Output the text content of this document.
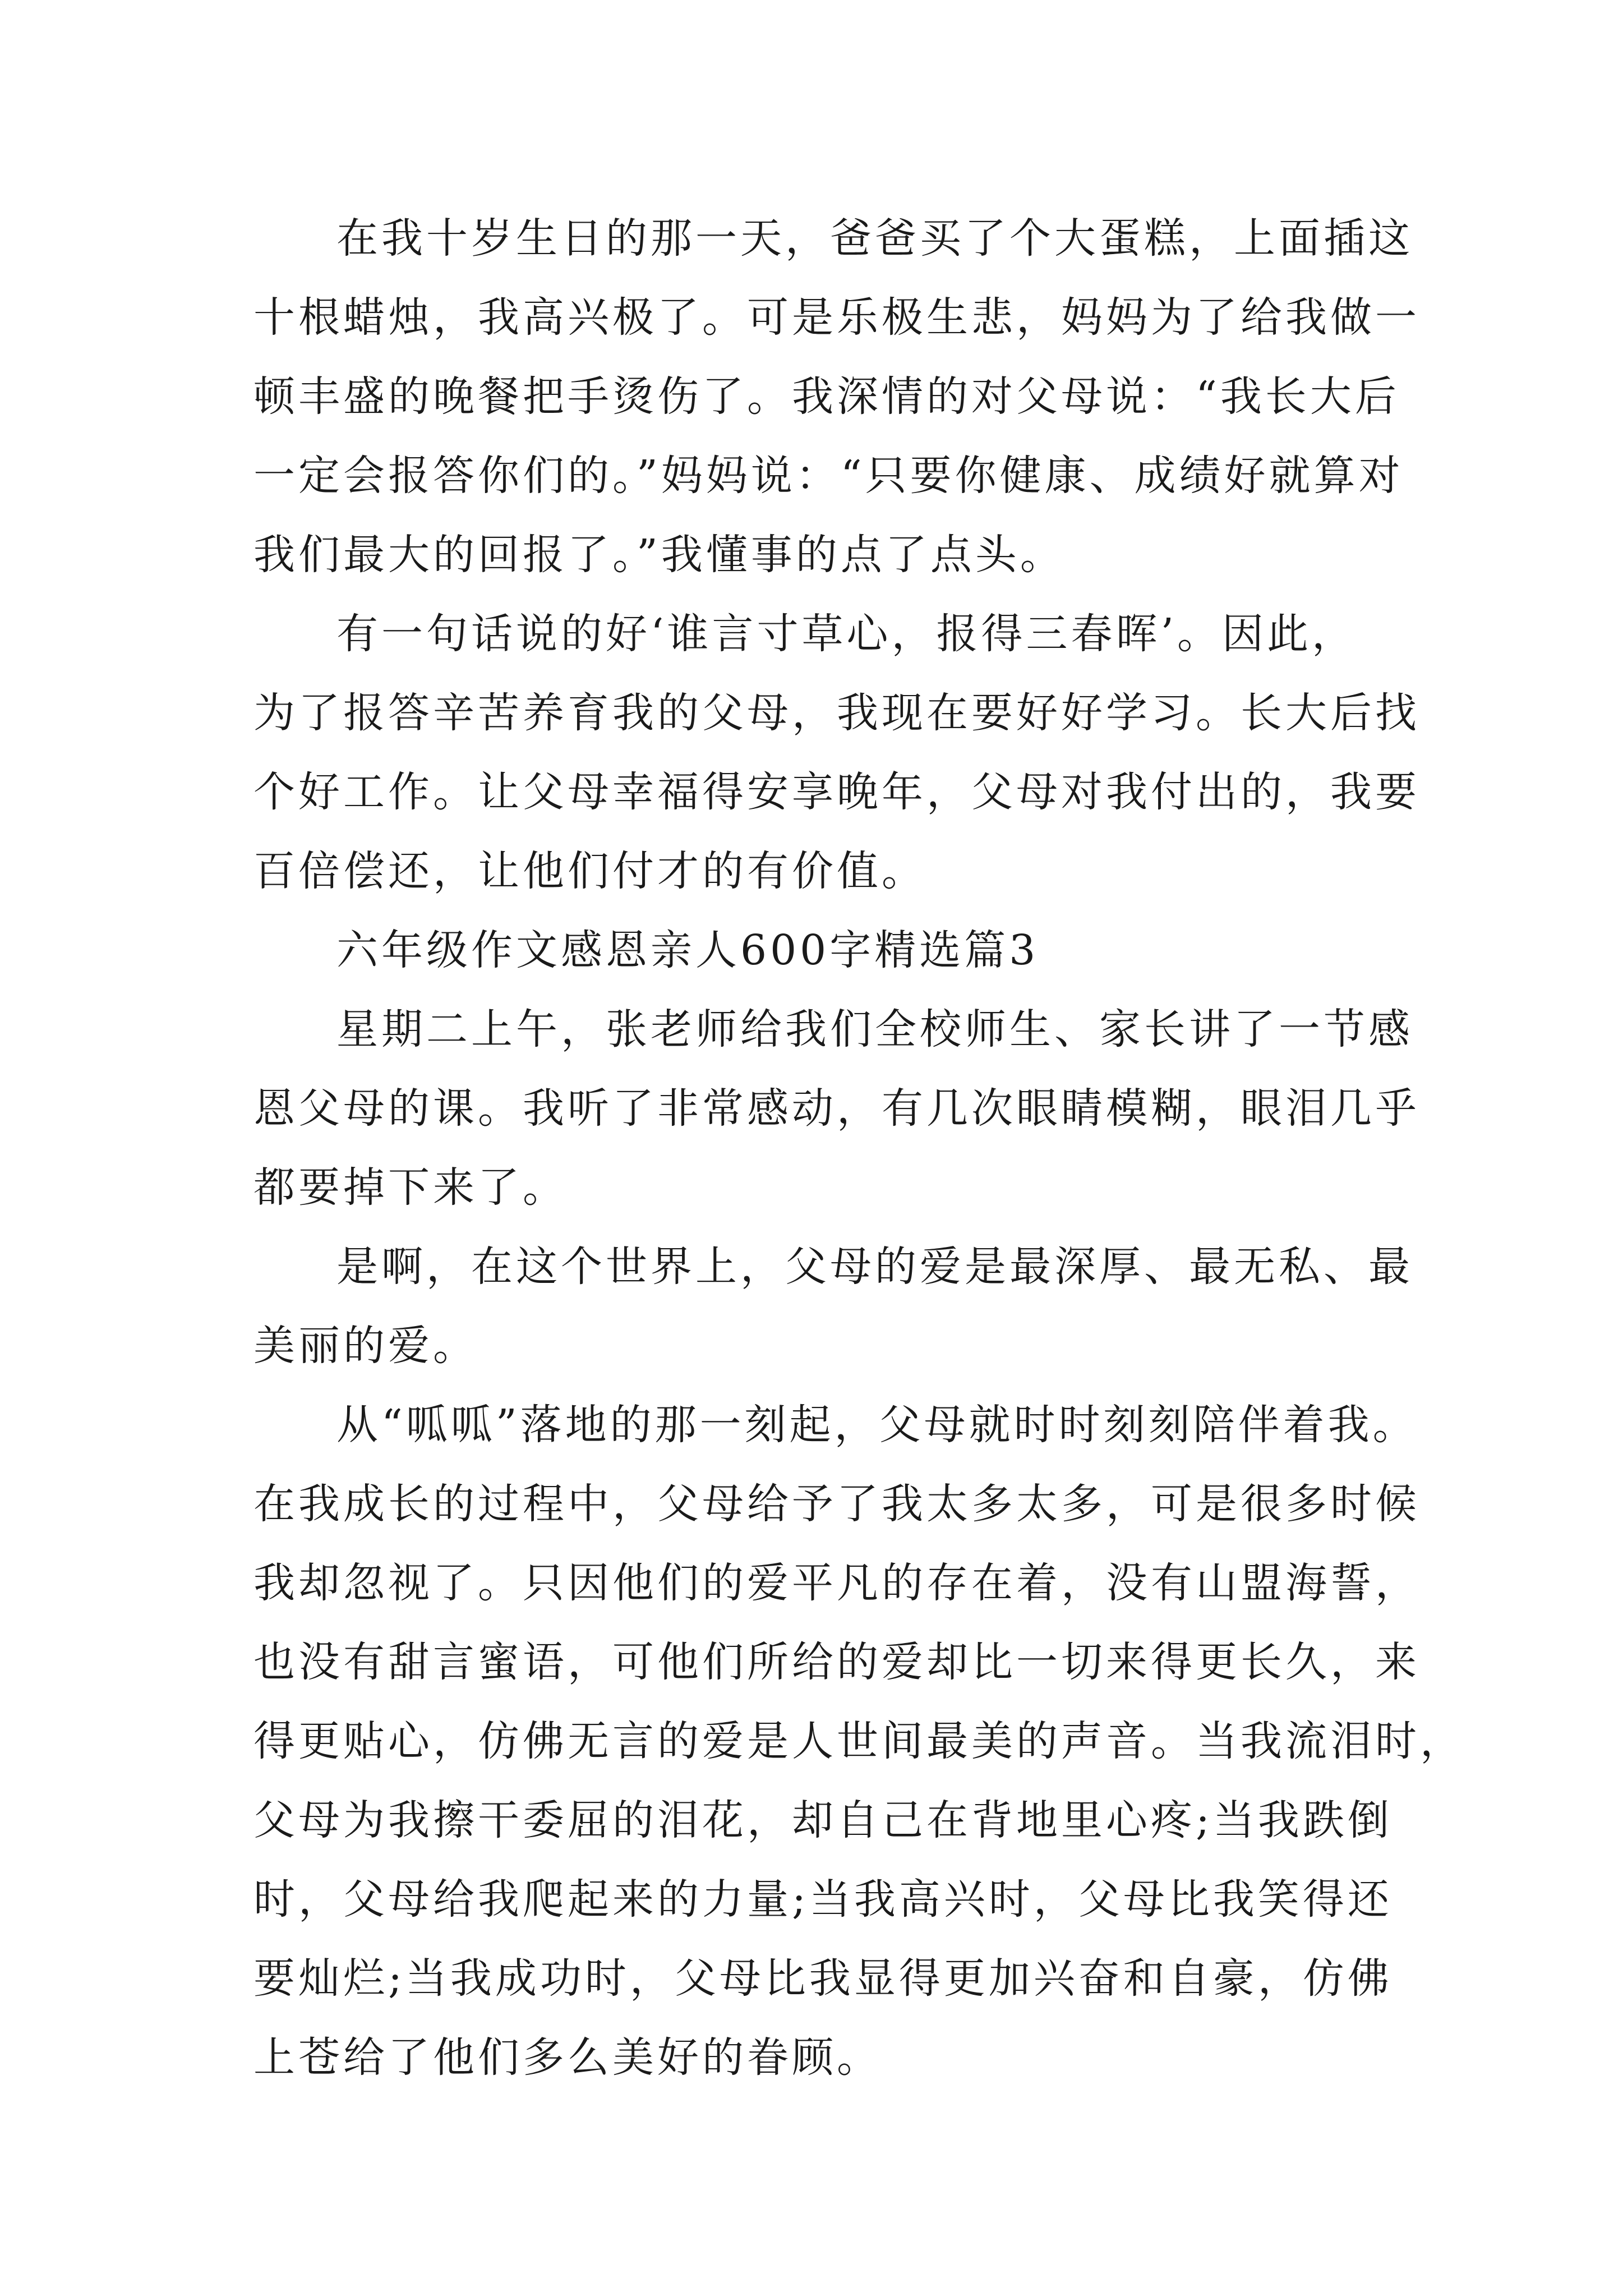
在我十岁生日的那一天，爸爸买了个大蛋糕，上面插这
十根蜡烛，我高兴极了。可是乐极生悲，妈妈为了给我做一
顿丰盛的晚餐把手烫伤了。我深情的对父母说：“我长大后
一定会报答你们的。”妈妈说：“只要你健康、成绩好就算对
我们最大的回报了。”我懂事的点了点头。

有一句话说的好‘谁言寸草心，报得三春晖’。因此，
为了报答辛苦养育我的父母，我现在要好好学习。长大后找
个好工作。让父母幸福得安享晚年，父母对我付出的，我要
百倍偿还，让他们付才的有价值。

六年级作文感恩亲人600字精选篇3

星期二上午，张老师给我们全校师生、家长讲了一节感
恩父母的课。我听了非常感动，有几次眼睛模糊，眼泪几乎
都要掉下来了。

是啊，在这个世界上，父母的爱是最深厚、最无私、最
美丽的爱。

从“呱呱”落地的那一刻起，父母就时时刻刻陪伴着我。
在我成长的过程中，父母给予了我太多太多，可是很多时候
我却忽视了。只因他们的爱平凡的存在着，没有山盟海誓，
也没有甜言蜜语，可他们所给的爱却比一切来得更长久，来
得更贴心，仿佛无言的爱是人世间最美的声音。当我流泪时，
父母为我擦干委屈的泪花，却自己在背地里心疼;当我跌倒
时，父母给我爬起来的力量;当我高兴时，父母比我笑得还
要灿烂;当我成功时，父母比我显得更加兴奋和自豪，仿佛
上苍给了他们多么美好的眷顾。
